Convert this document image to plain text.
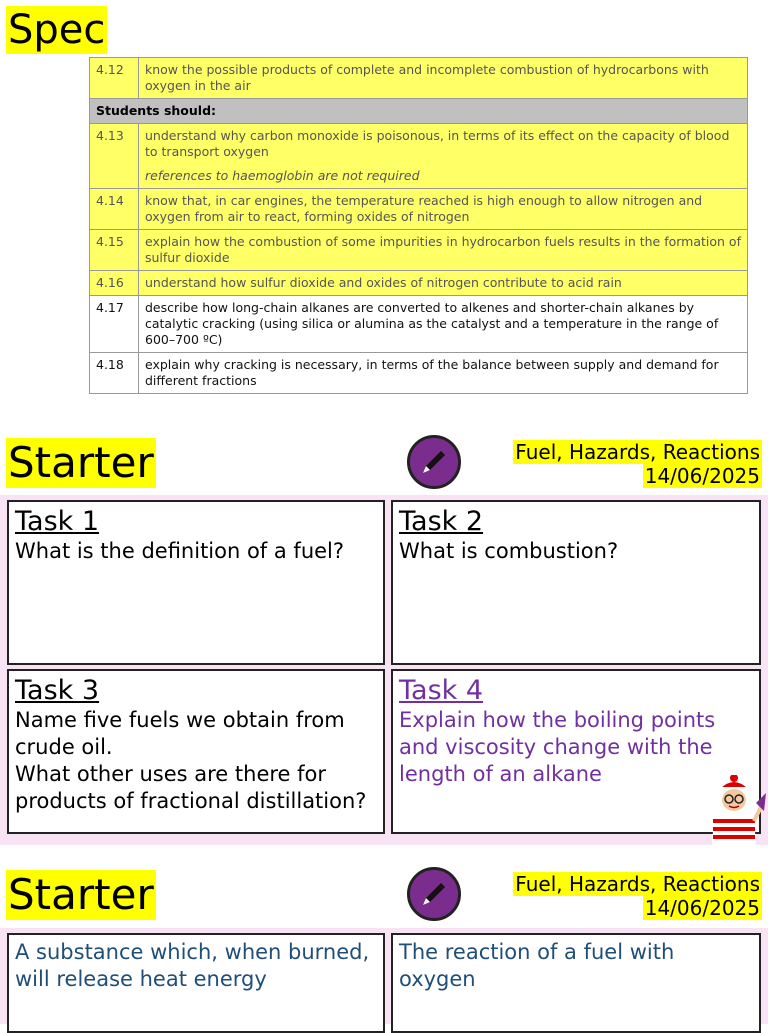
Spec
4.12	know the possible products of complete and incomplete combustion of hydrocarbons with oxygen in the air
Students should:	
4.13	understand why carbon monoxide is poisonous, in terms of its effect on the capacity of blood to transport oxygen
references to haemoglobin are not required

4.14	know that, in car engines, the temperature reached is high enough to allow nitrogen and oxygen from air to react, forming oxides of nitrogen
4.15	explain how the combustion of some impurities in hydrocarbon fuels results in the formation of sulfur dioxide
4.16	understand how sulfur dioxide and oxides of nitrogen contribute to acid rain
4.17	describe how long-chain alkanes are converted to alkenes and shorter-chain alkanes by catalytic cracking (using silica or alumina as the catalyst and a temperature in the range of 600–700 ºC)
4.18	explain why cracking is necessary, in terms of the balance between supply and demand for different fractions
Starter	Fuel, Hazards, Reactions
14/06/2025
Task 1

What is the definition of a fuel?

Task 2

What is combustion?

Task 3

Name five fuels we obtain from crude oil.

What other uses are there for products of fractional distillation?

Task 4

Explain how the boiling points and viscosity change with the length of an alkane

Starter	Fuel, Hazards, Reactions
14/06/2025
A substance which, when burned, will release heat energy
The reaction of a fuel with oxygen
